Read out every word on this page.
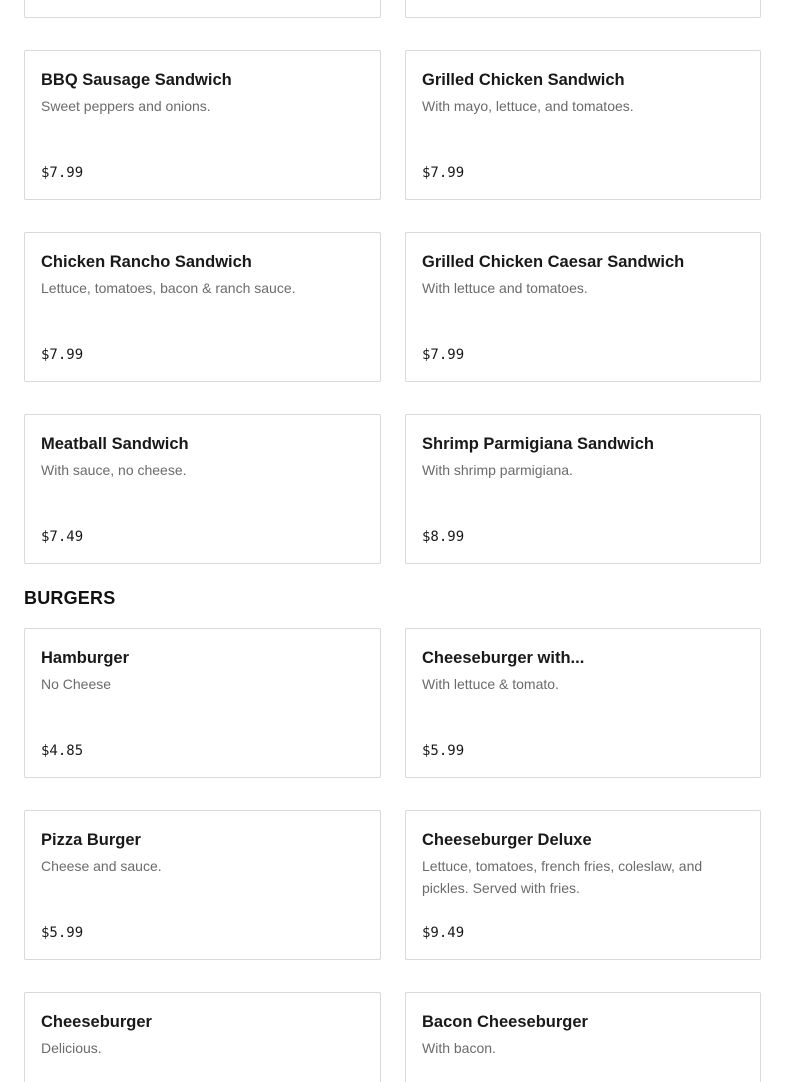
BBQ Sausage Sandwich
Sweet peppers and onions.
$7.99
Grilled Chicken Sandwich
With mayo, lettuce, and tomatoes.
$7.99
Chicken Rancho Sandwich
Lettuce, tomatoes, bacon & ranch sauce.
$7.99
Grilled Chicken Caesar Sandwich
With lettuce and tomatoes.
$7.99
Meatball Sandwich
With sauce, no cheese.
$7.49
Shrimp Parmigiana Sandwich
With shrimp parmigiana.
$8.99
BURGERS
Hamburger
No Cheese
$4.85
Cheeseburger with...
With lettuce & tomato.
$5.99
Pizza Burger
Cheese and sauce.
$5.99
Cheeseburger Deluxe
Lettuce, tomatoes, french fries, coleslaw, and pickles. Served with fries.
$9.49
Cheeseburger
Delicious.
Bacon Cheeseburger
With bacon.
